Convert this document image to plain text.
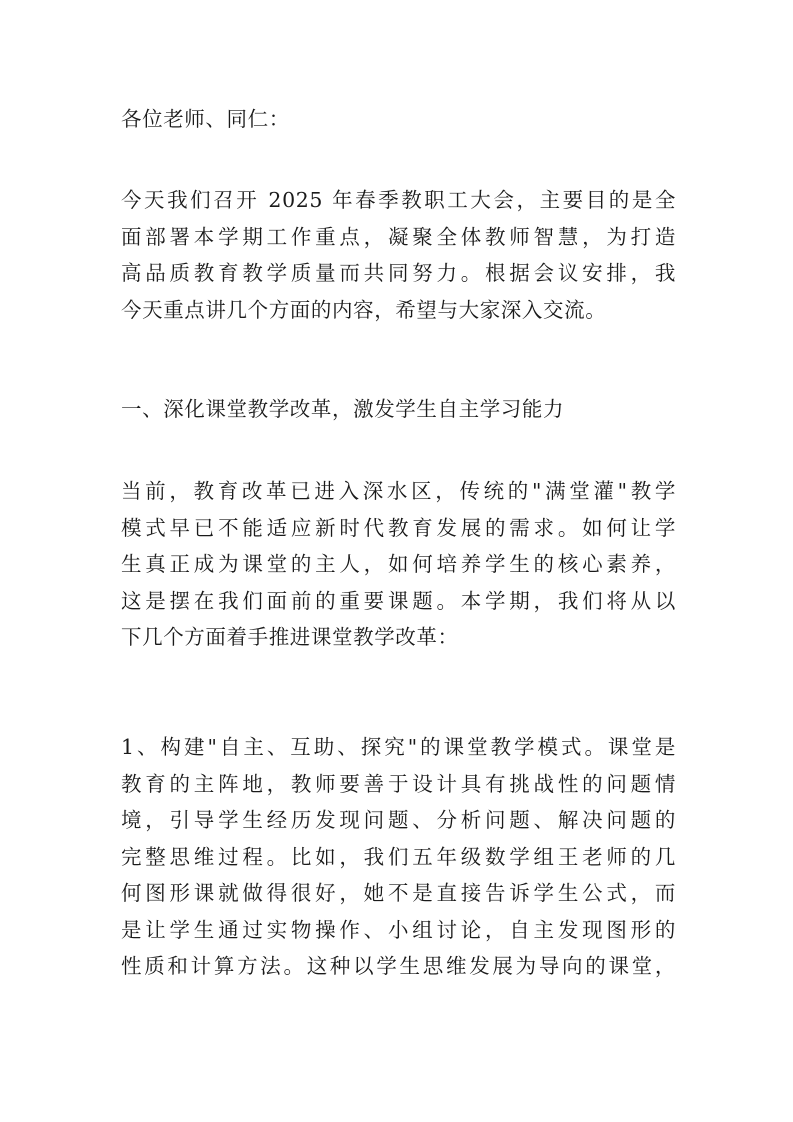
各位老师、同仁：

今天我们召开 2025 年春季教职工大会，主要目的是全
面部署本学期工作重点，凝聚全体教师智慧，为打造
高品质教育教学质量而共同努力。根据会议安排，我
今天重点讲几个方面的内容，希望与大家深入交流。

一、深化课堂教学改革，激发学生自主学习能力

当前，教育改革已进入深水区，传统的"满堂灌"教学
模式早已不能适应新时代教育发展的需求。如何让学
生真正成为课堂的主人，如何培养学生的核心素养，
这是摆在我们面前的重要课题。本学期，我们将从以
下几个方面着手推进课堂教学改革：

1、构建"自主、互助、探究"的课堂教学模式。课堂是
教育的主阵地，教师要善于设计具有挑战性的问题情
境，引导学生经历发现问题、分析问题、解决问题的
完整思维过程。比如，我们五年级数学组王老师的几
何图形课就做得很好，她不是直接告诉学生公式，而
是让学生通过实物操作、小组讨论，自主发现图形的
性质和计算方法。这种以学生思维发展为导向的课堂，
